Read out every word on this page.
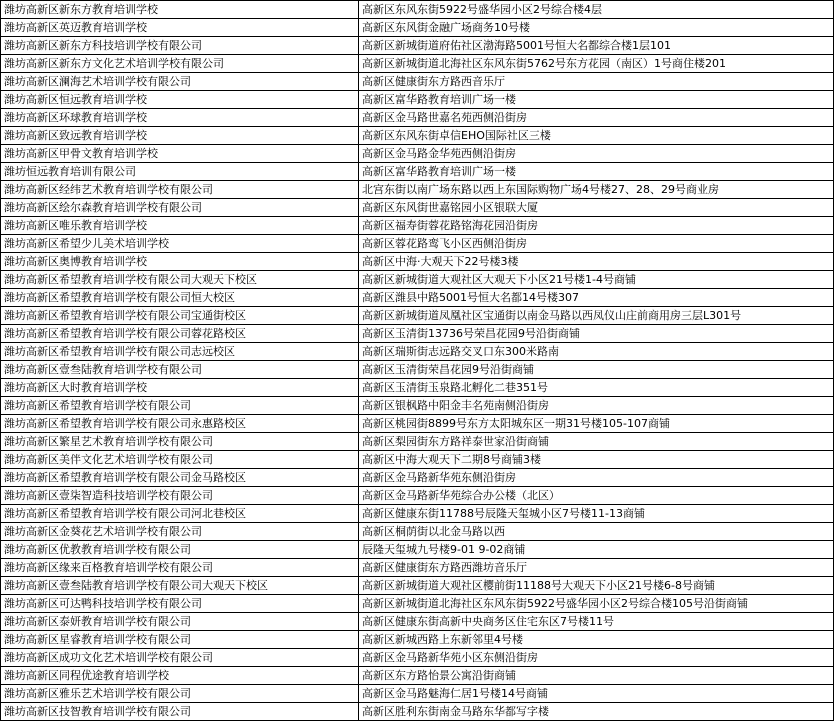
潍坊高新区新东方教育培训学校	高新区东风东街5922号盛华园小区2号综合楼4层
潍坊高新区英迈教育培训学校	高新区东风街金融广场商务10号楼
潍坊高新区新东方科技培训学校有限公司	高新区新城街道府佑社区渤海路5001号恒大名都综合楼1层101
潍坊高新区新东方文化艺术培训学校有限公司	高新区新城街道北海社区东风东街5762号东方花园（南区）1号商住楼201
潍坊高新区澜海艺术培训学校有限公司	高新区健康街东方路西音乐厅
潍坊高新区恒远教育培训学校	高新区富华路教育培训广场一楼
潍坊高新区环球教育培训学校	高新区金马路世嘉名苑西侧沿街房
潍坊高新区致远教育培训学校	高新区东风东街卓信EHO国际社区三楼
潍坊高新区甲骨文教育培训学校	高新区金马路金华苑西侧沿街房
潍坊恒远教育培训有限公司	高新区富华路教育培训广场一楼
潍坊高新区经纬艺术教育培训学校有限公司	北宫东街以南广场东路以西上东国际购物广场4号楼27、28、29号商业房
潍坊高新区绘尔森教育培训学校有限公司	高新区东风街世嘉铭园小区银联大厦
潍坊高新区唯乐教育培训学校	高新区福寿街蓉花路铭海花园沿街房
潍坊高新区希望少儿美术培训学校	高新区蓉花路鸾飞小区西侧沿街房
潍坊高新区奥博教育培训学校	高新区中海·大观天下22号楼3楼
潍坊高新区希望教育培训学校有限公司大观天下校区	高新区新城街道大观社区大观天下小区21号楼1-4号商铺
潍坊高新区希望教育培训学校有限公司恒大校区	高新区潍县中路5001号恒大名都14号楼307
潍坊高新区希望教育培训学校有限公司宝通街校区	高新区新城街道凤凰社区宝通街以南金马路以西凤仪山庄前商用房三层L301号
潍坊高新区希望教育培训学校有限公司蓉花路校区	高新区玉清街13736号荣昌花园9号沿街商铺
潍坊高新区希望教育培训学校有限公司志远校区	高新区瑞斯街志远路交叉口东300米路南
潍坊高新区壹叁陆教育培训学校有限公司	高新区玉清街荣昌花园9号沿街商铺
潍坊高新区大时教育培训学校	高新区玉清街玉泉路北孵化二巷351号
潍坊高新区希望教育培训学校有限公司	高新区银枫路中阳金丰名苑南侧沿街房
潍坊高新区希望教育培训学校有限公司永惠路校区	高新区桃园街8899号东方太阳城东区一期31号楼105-107商铺
潍坊高新区繁星艺术教育培训学校有限公司	高新区梨园街东方路祥泰世家沿街商铺
潍坊高新区美伴文化艺术培训学校有限公司	高新区中海大观天下二期8号商铺3楼
潍坊高新区希望教育培训学校有限公司金马路校区	高新区金马路新华苑东侧沿街房
潍坊高新区壹柒智造科技培训学校有限公司	高新区金马路新华苑综合办公楼（北区）
潍坊高新区希望教育培训学校有限公司河北巷校区	高新区健康东街11788号辰隆天玺城小区7号楼11-13商铺
潍坊高新区金葵花艺术培训学校有限公司	高新区桐荫街以北金马路以西
潍坊高新区优教教育培训学校有限公司	辰隆天玺城九号楼9-01 9-02商铺
潍坊高新区缘来百格教育培训学校有限公司	高新区健康街东方路西潍坊音乐厅
潍坊高新区壹叁陆教育培训学校有限公司大观天下校区	高新区新城街道大观社区樱前街11188号大观天下小区21号楼6-8号商铺
潍坊高新区可达鸭科技培训学校有限公司	高新区新城街道北海社区东风东街5922号盛华园小区2号综合楼105号沿街商铺
潍坊高新区泰妍教育培训学校有限公司	高新区健康东街高新中央商务区住宅东区7号楼11号
潍坊高新区星睿教育培训学校有限公司	高新区新城西路上东新邻里4号楼
潍坊高新区成功文化艺术培训学校有限公司	高新区金马路新华苑小区东侧沿街房
潍坊高新区同程优途教育培训学校	高新区东方路怡景公寓沿街商铺
潍坊高新区雅乐艺术培训学校有限公司	高新区金马路魅海仁居1号楼14号商铺
潍坊高新区技智教育培训学校有限公司	高新区胜利东街南金马路东华都写字楼
